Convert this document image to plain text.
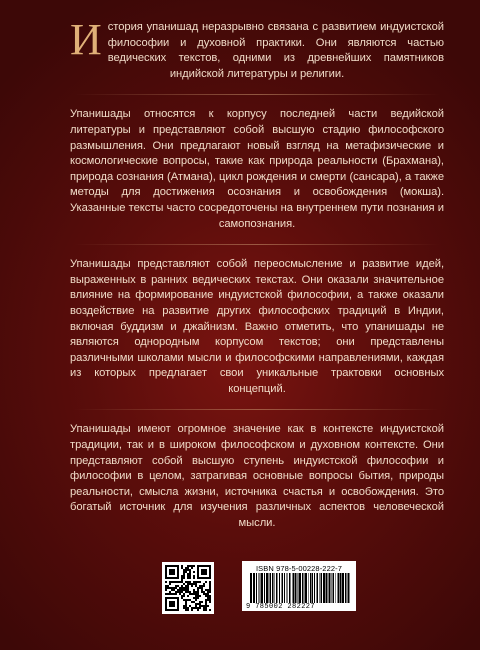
История упанишад неразрывно связана с развитием индуистской философии и духовной практики. Они являются частью ведических текстов, одними из древнейших памятников индийской литературы и религии.

Упанишады относятся к корпусу последней части ведийской литературы и представляют собой высшую стадию философского размышления. Они предлагают новый взгляд на метафизические и космологические вопросы, такие как природа реальности (Брахмана), природа сознания (Атмана), цикл рождения и смерти (сансара), а также методы для достижения осознания и освобождения (мокша). Указанные тексты часто сосредоточены на внутреннем пути познания и самопознания.

Упанишады представляют собой переосмысление и развитие идей, выраженных в ранних ведических текстах. Они оказали значительное влияние на формирование индуистской философии, а также оказали воздействие на развитие других философских традиций в Индии, включая буддизм и джайнизм. Важно отметить, что упанишады не являются однородным корпусом текстов; они представлены различными школами мысли и философскими направлениями, каждая из которых предлагает свои уникальные трактовки основных концепций.

Упанишады имеют огромное значение как в контексте индуистской традиции, так и в широком философском и духовном контексте. Они представляют собой высшую ступень индуистской философии и философии в целом, затрагивая основные вопросы бытия, природы реальности, смысла жизни, источника счастья и освобождения. Это богатый источник для изучения различных аспектов человеческой мысли.

ISBN 978-5-00228-222-7
9 785002 282227
